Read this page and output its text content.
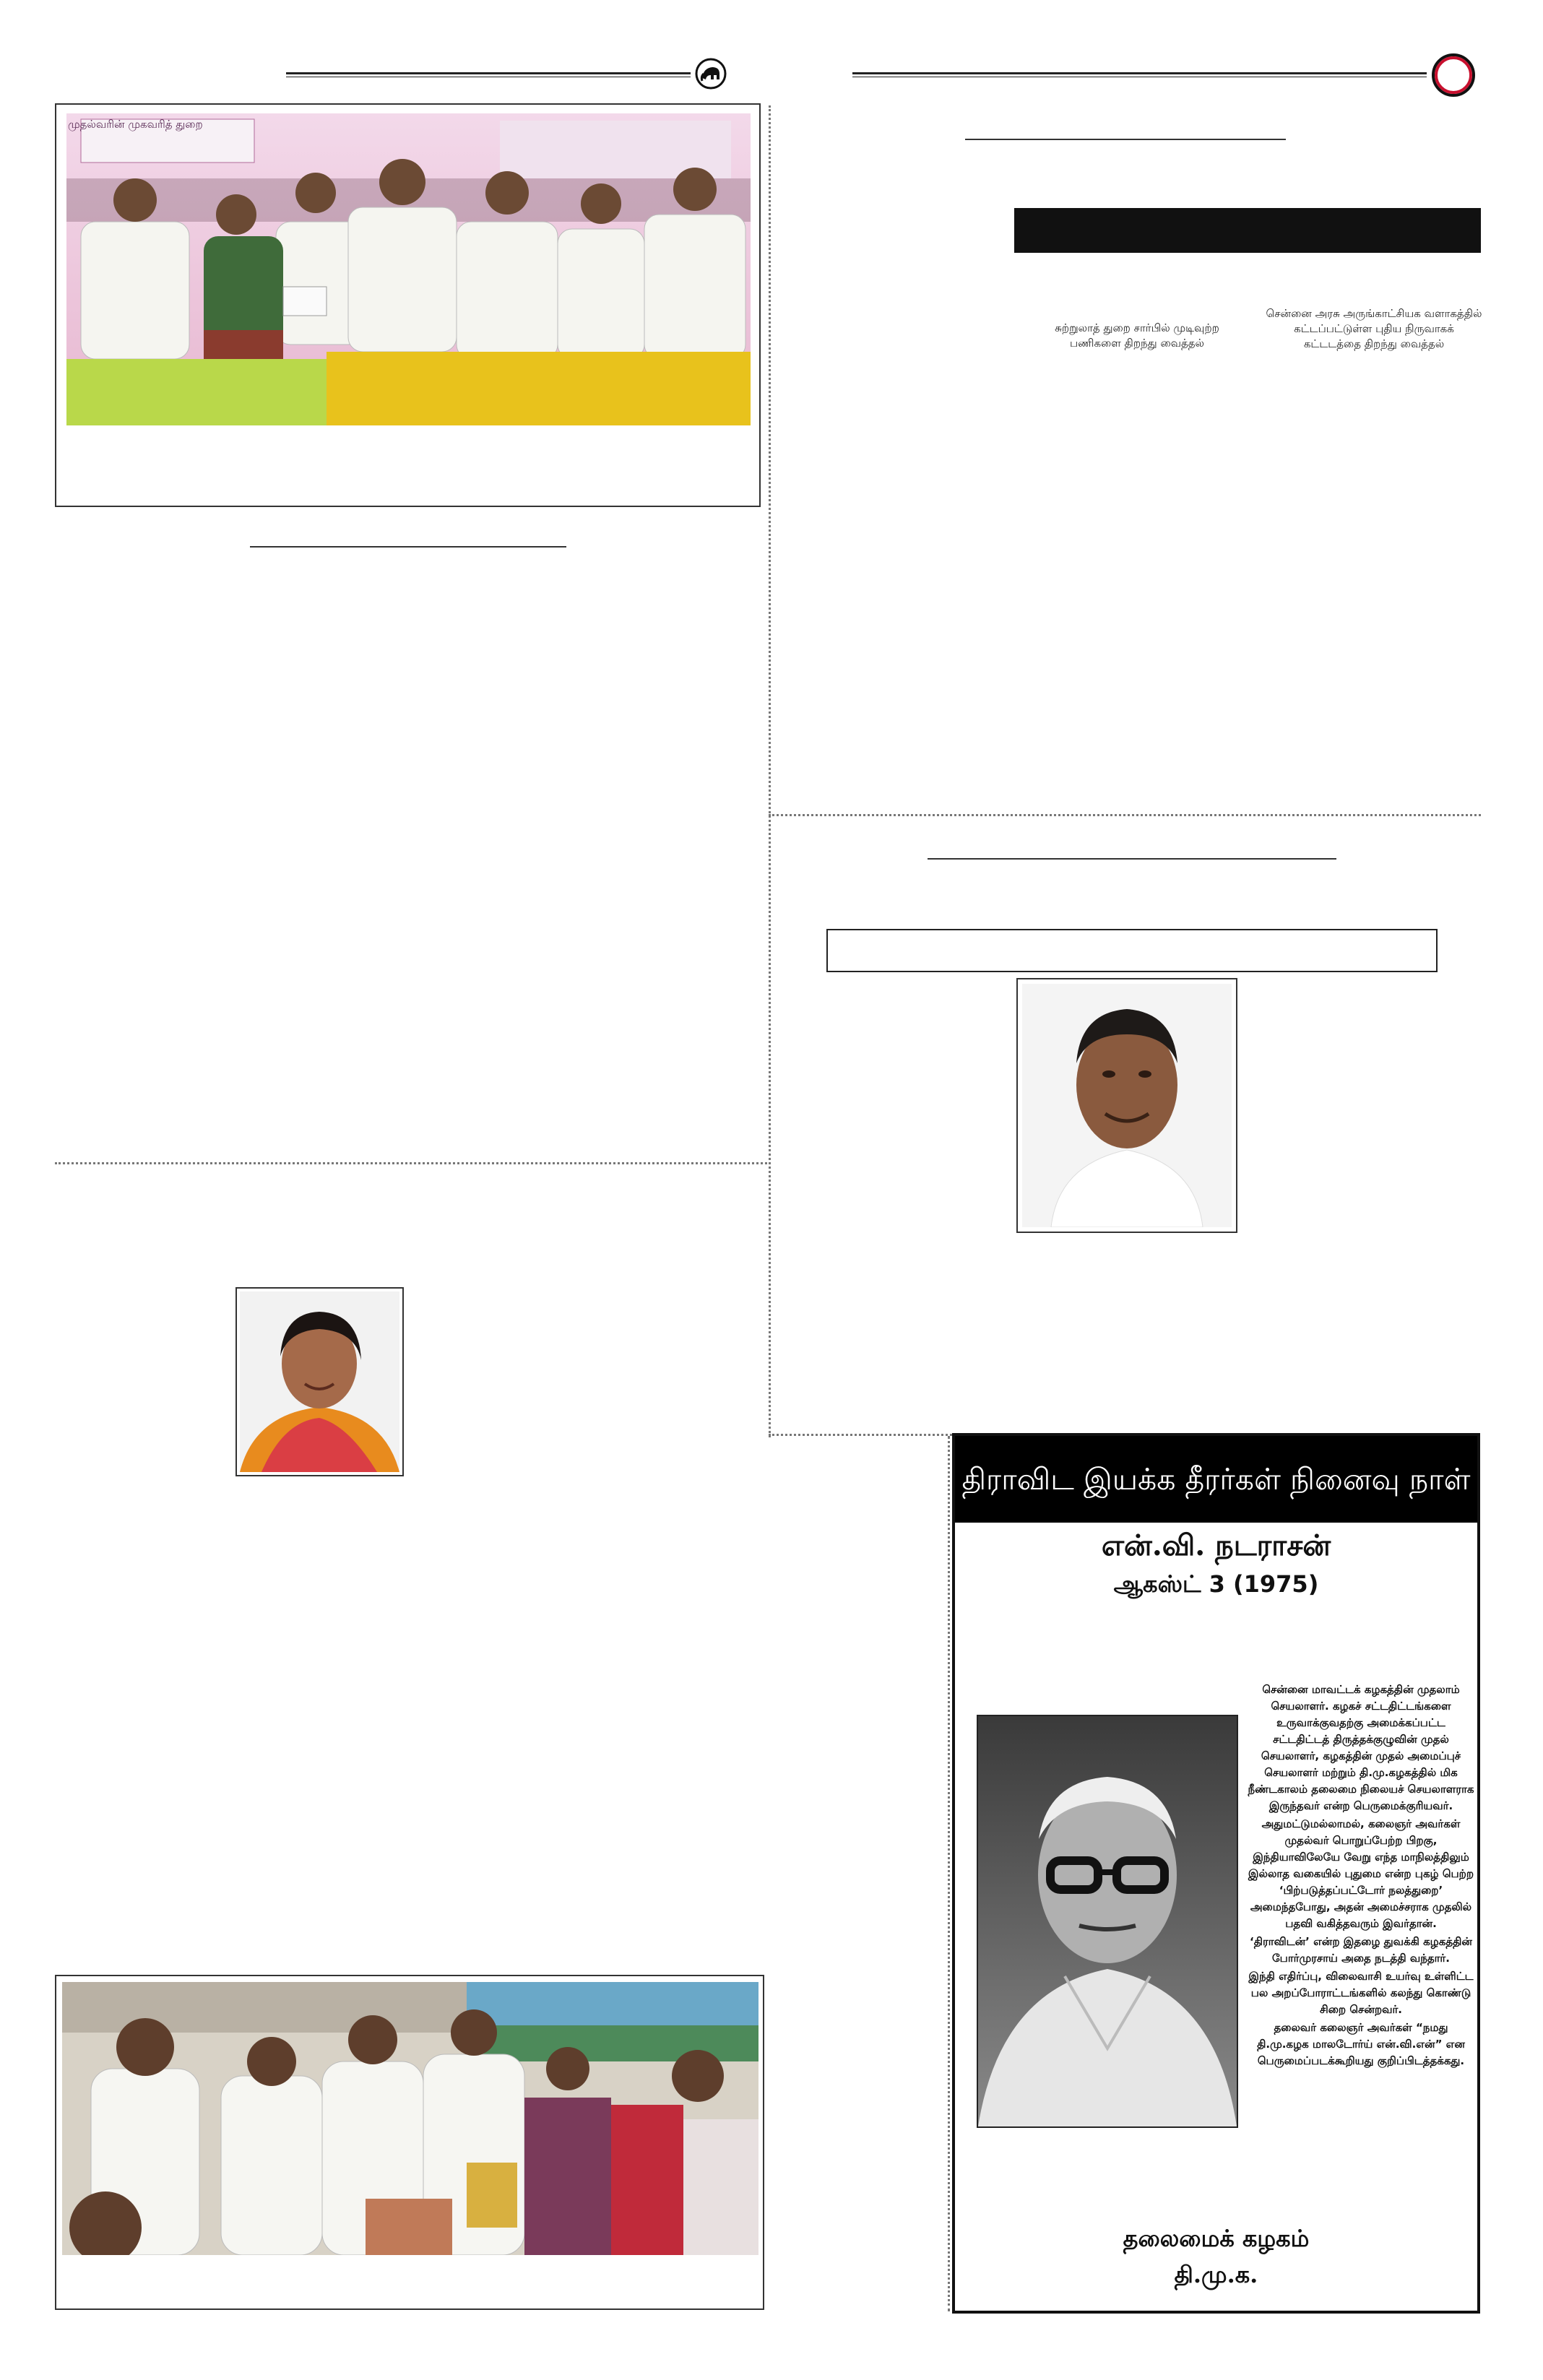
சுற்றுலாத் துறை சார்பில் முடிவுற்ற பணிகளை திறந்து வைத்தல்
சென்னை அரசு அருங்காட்சியக வளாகத்தில் கட்டப்பட்டுள்ள புதிய நிருவாகக் கட்டடத்தை திறந்து வைத்தல்
திராவிட இயக்க தீரர்கள் நினைவு நாள்
என்.வி. நடராசன்
ஆகஸ்ட் 3 (1975)

சென்னை மாவட்டக் கழகத்தின் முதலாம் செயலாளர். கழகச் சட்டதிட்டங்களை உருவாக்குவதற்கு அமைக்கப்பட்ட சட்டதிட்டத் திருத்தக்குழுவின் முதல் செயலாளர், கழகத்தின் முதல் அமைப்புச் செயலாளர் மற்றும் தி.மு.கழகத்தில் மிக நீண்டகாலம் தலைமை நிலையச் செயலாளராக இருந்தவர் என்ற பெருமைக்குரியவர்.

அதுமட்டுமல்லாமல், கலைஞர் அவர்கள் முதல்வர் பொறுப்பேற்ற பிறகு, இந்தியாவிலேயே வேறு எந்த மாநிலத்திலும் இல்லாத வகையில் புதுமை என்ற புகழ் பெற்ற ‘பிற்படுத்தப்பட்டோர் நலத்துறை’ அமைந்தபோது, அதன் அமைச்சராக முதலில் பதவி வகித்தவரும் இவர்தான்.

‘திராவிடன்’ என்ற இதழை துவக்கி கழகத்தின் போர்முரசாய் அதை நடத்தி வந்தார்.

இந்தி எதிர்ப்பு, விலைவாசி உயர்வு உள்ளிட்ட பல அறப்போராட்டங்களில் கலந்து கொண்டு சிறை சென்றவர்.

தலைவர் கலைஞர் அவர்கள் “நமது தி.மு.கழக மாலடோர்ய் என்.வி.என்” என பெருமைப்படக்கூறியது குறிப்பிடத்தக்கது.

தலைமைக் கழகம்
தி.மு.க.
முதல்வரின் முகவரித் துறை
